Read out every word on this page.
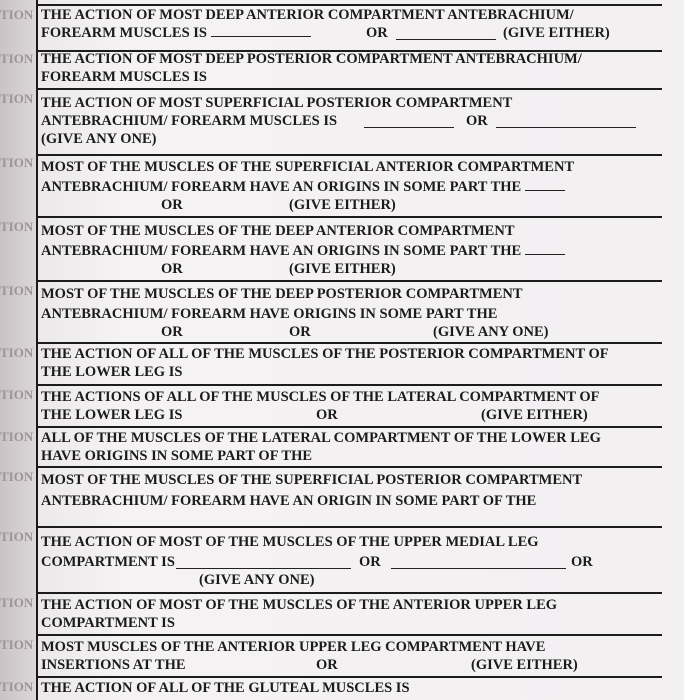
TION THE ACTION OF MOST DEEP ANTERIOR COMPARTMENT ANTEBRACHIUM/
FOREARM MUSCLES IS	OR	(GIVE EITHER)
TION THE ACTION OF MOST DEEP POSTERIOR COMPARTMENT ANTEBRACHIUM/
FOREARM MUSCLES IS
TION THE ACTION OF MOST SUPERFICIAL POSTERIOR COMPARTMENT
ANTEBRACHIUM/ FOREARM MUSCLES IS	OR
(GIVE ANY ONE)
TION MOST OF THE MUSCLES OF THE SUPERFICIAL ANTERIOR COMPARTMENT
ANTEBRACHIUM/ FOREARM HAVE AN ORIGINS IN SOME PART THE
OR	(GIVE EITHER)
TION MOST OF THE MUSCLES OF THE DEEP ANTERIOR COMPARTMENT
ANTEBRACHIUM/ FOREARM HAVE AN ORIGINS IN SOME PART THE
OR	(GIVE EITHER)
TION MOST OF THE MUSCLES OF THE DEEP POSTERIOR COMPARTMENT
ANTEBRACHIUM/ FOREARM HAVE ORIGINS IN SOME PART THE
OR	OR	(GIVE ANY ONE)
TION THE ACTION OF ALL OF THE MUSCLES OF THE POSTERIOR COMPARTMENT OF
THE LOWER LEG IS
TION THE ACTIONS OF ALL OF THE MUSCLES OF THE LATERAL COMPARTMENT OF
THE LOWER LEG IS	OR	(GIVE EITHER)
TION ALL OF THE MUSCLES OF THE LATERAL COMPARTMENT OF THE LOWER LEG
HAVE ORIGINS IN SOME PART OF THE
TION MOST OF THE MUSCLES OF THE SUPERFICIAL POSTERIOR COMPARTMENT
ANTEBRACHIUM/ FOREARM HAVE AN ORIGIN IN SOME PART OF THE
TION THE ACTION OF MOST OF THE MUSCLES OF THE UPPER MEDIAL LEG
COMPARTMENT IS	OR	OR
(GIVE ANY ONE)
TION THE ACTION OF MOST OF THE MUSCLES OF THE ANTERIOR UPPER LEG
COMPARTMENT IS
TION MOST MUSCLES OF THE ANTERIOR UPPER LEG COMPARTMENT HAVE
INSERTIONS AT THE	OR	(GIVE EITHER)
TION THE ACTION OF ALL OF THE GLUTEAL MUSCLES IS
